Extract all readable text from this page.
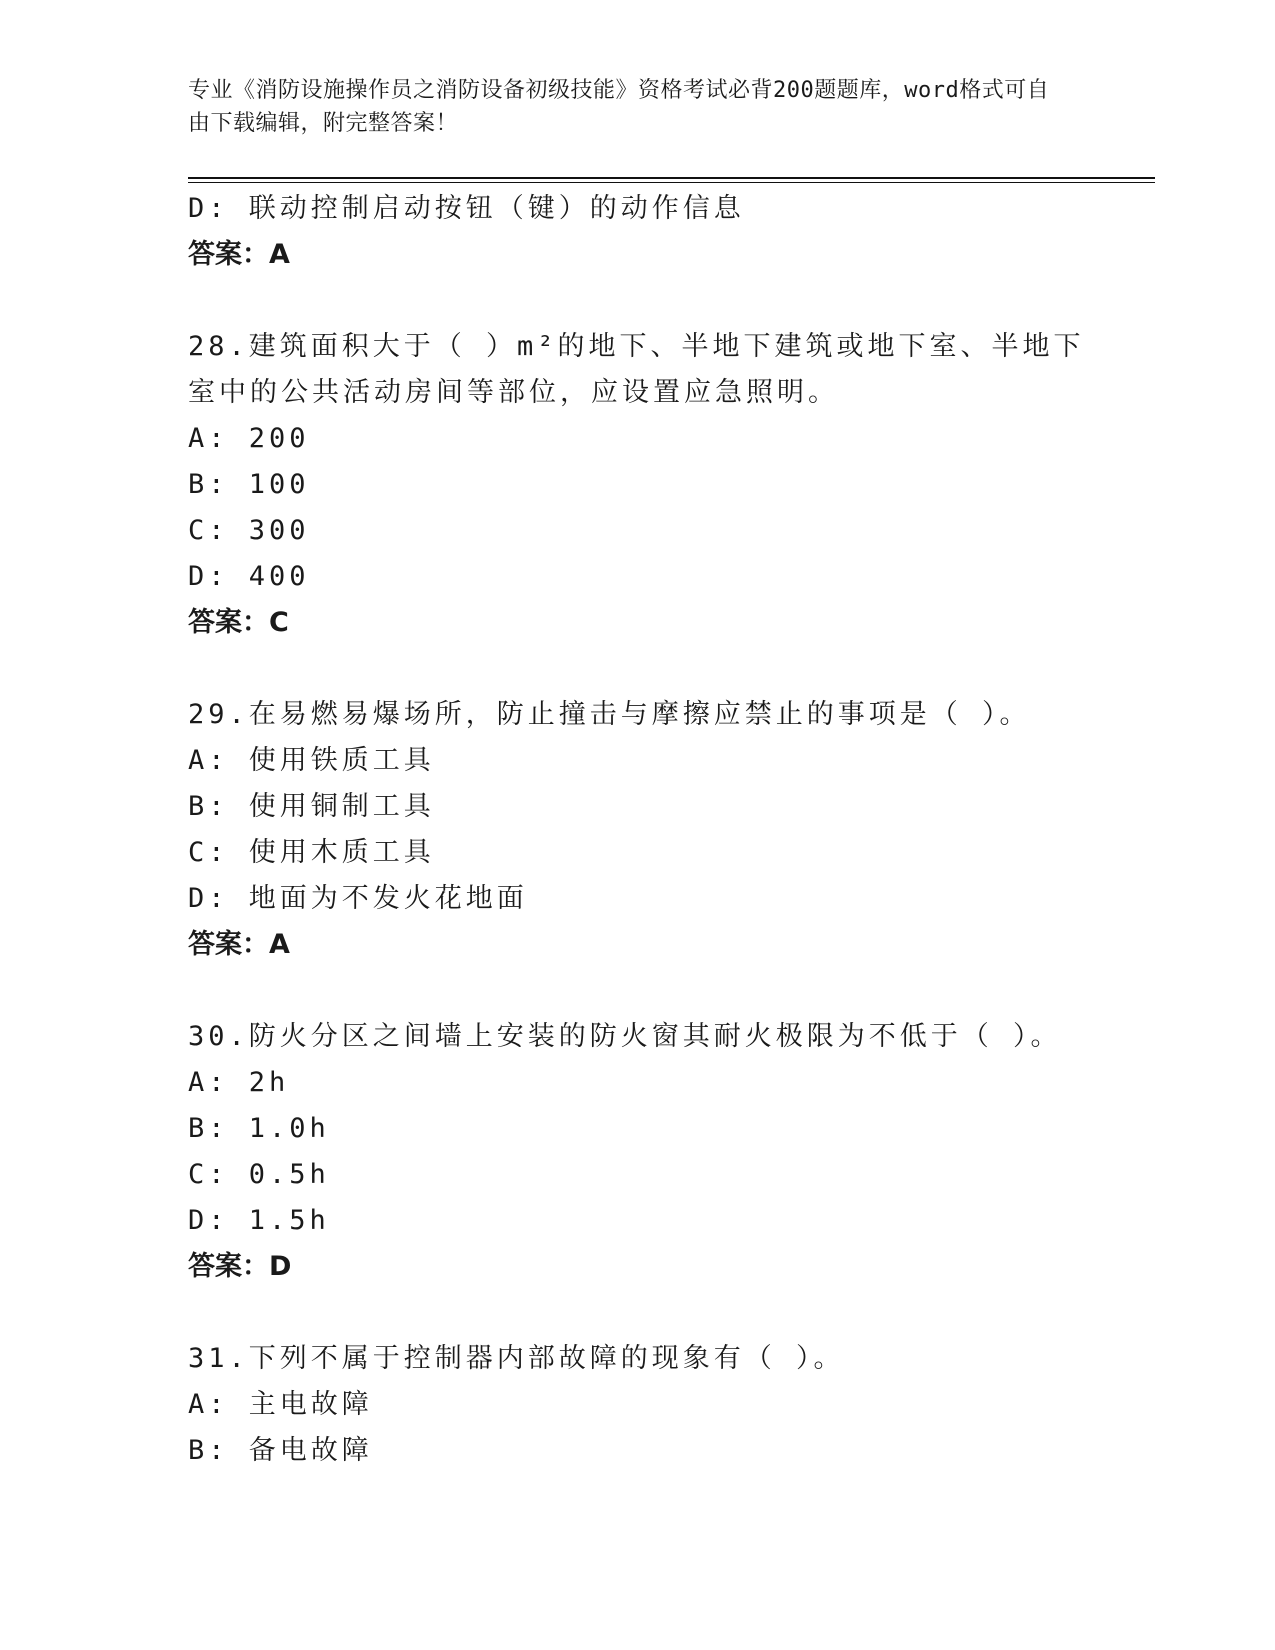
专业《消防设施操作员之消防设备初级技能》资格考试必背200题题库，word格式可自由下载编辑，附完整答案！
D: 联动控制启动按钮（键）的动作信息
答案：A
28.建筑面积大于（ ）m²的地下、半地下建筑或地下室、半地下室中的公共活动房间等部位，应设置应急照明。
A: 200
B: 100
C: 300
D: 400
答案：C
29.在易燃易爆场所，防止撞击与摩擦应禁止的事项是（ ）。
A: 使用铁质工具
B: 使用铜制工具
C: 使用木质工具
D: 地面为不发火花地面
答案：A
30.防火分区之间墙上安装的防火窗其耐火极限为不低于（ ）。
A: 2h
B: 1.0h
C: 0.5h
D: 1.5h
答案：D
31.下列不属于控制器内部故障的现象有（ ）。
A: 主电故障
B: 备电故障
